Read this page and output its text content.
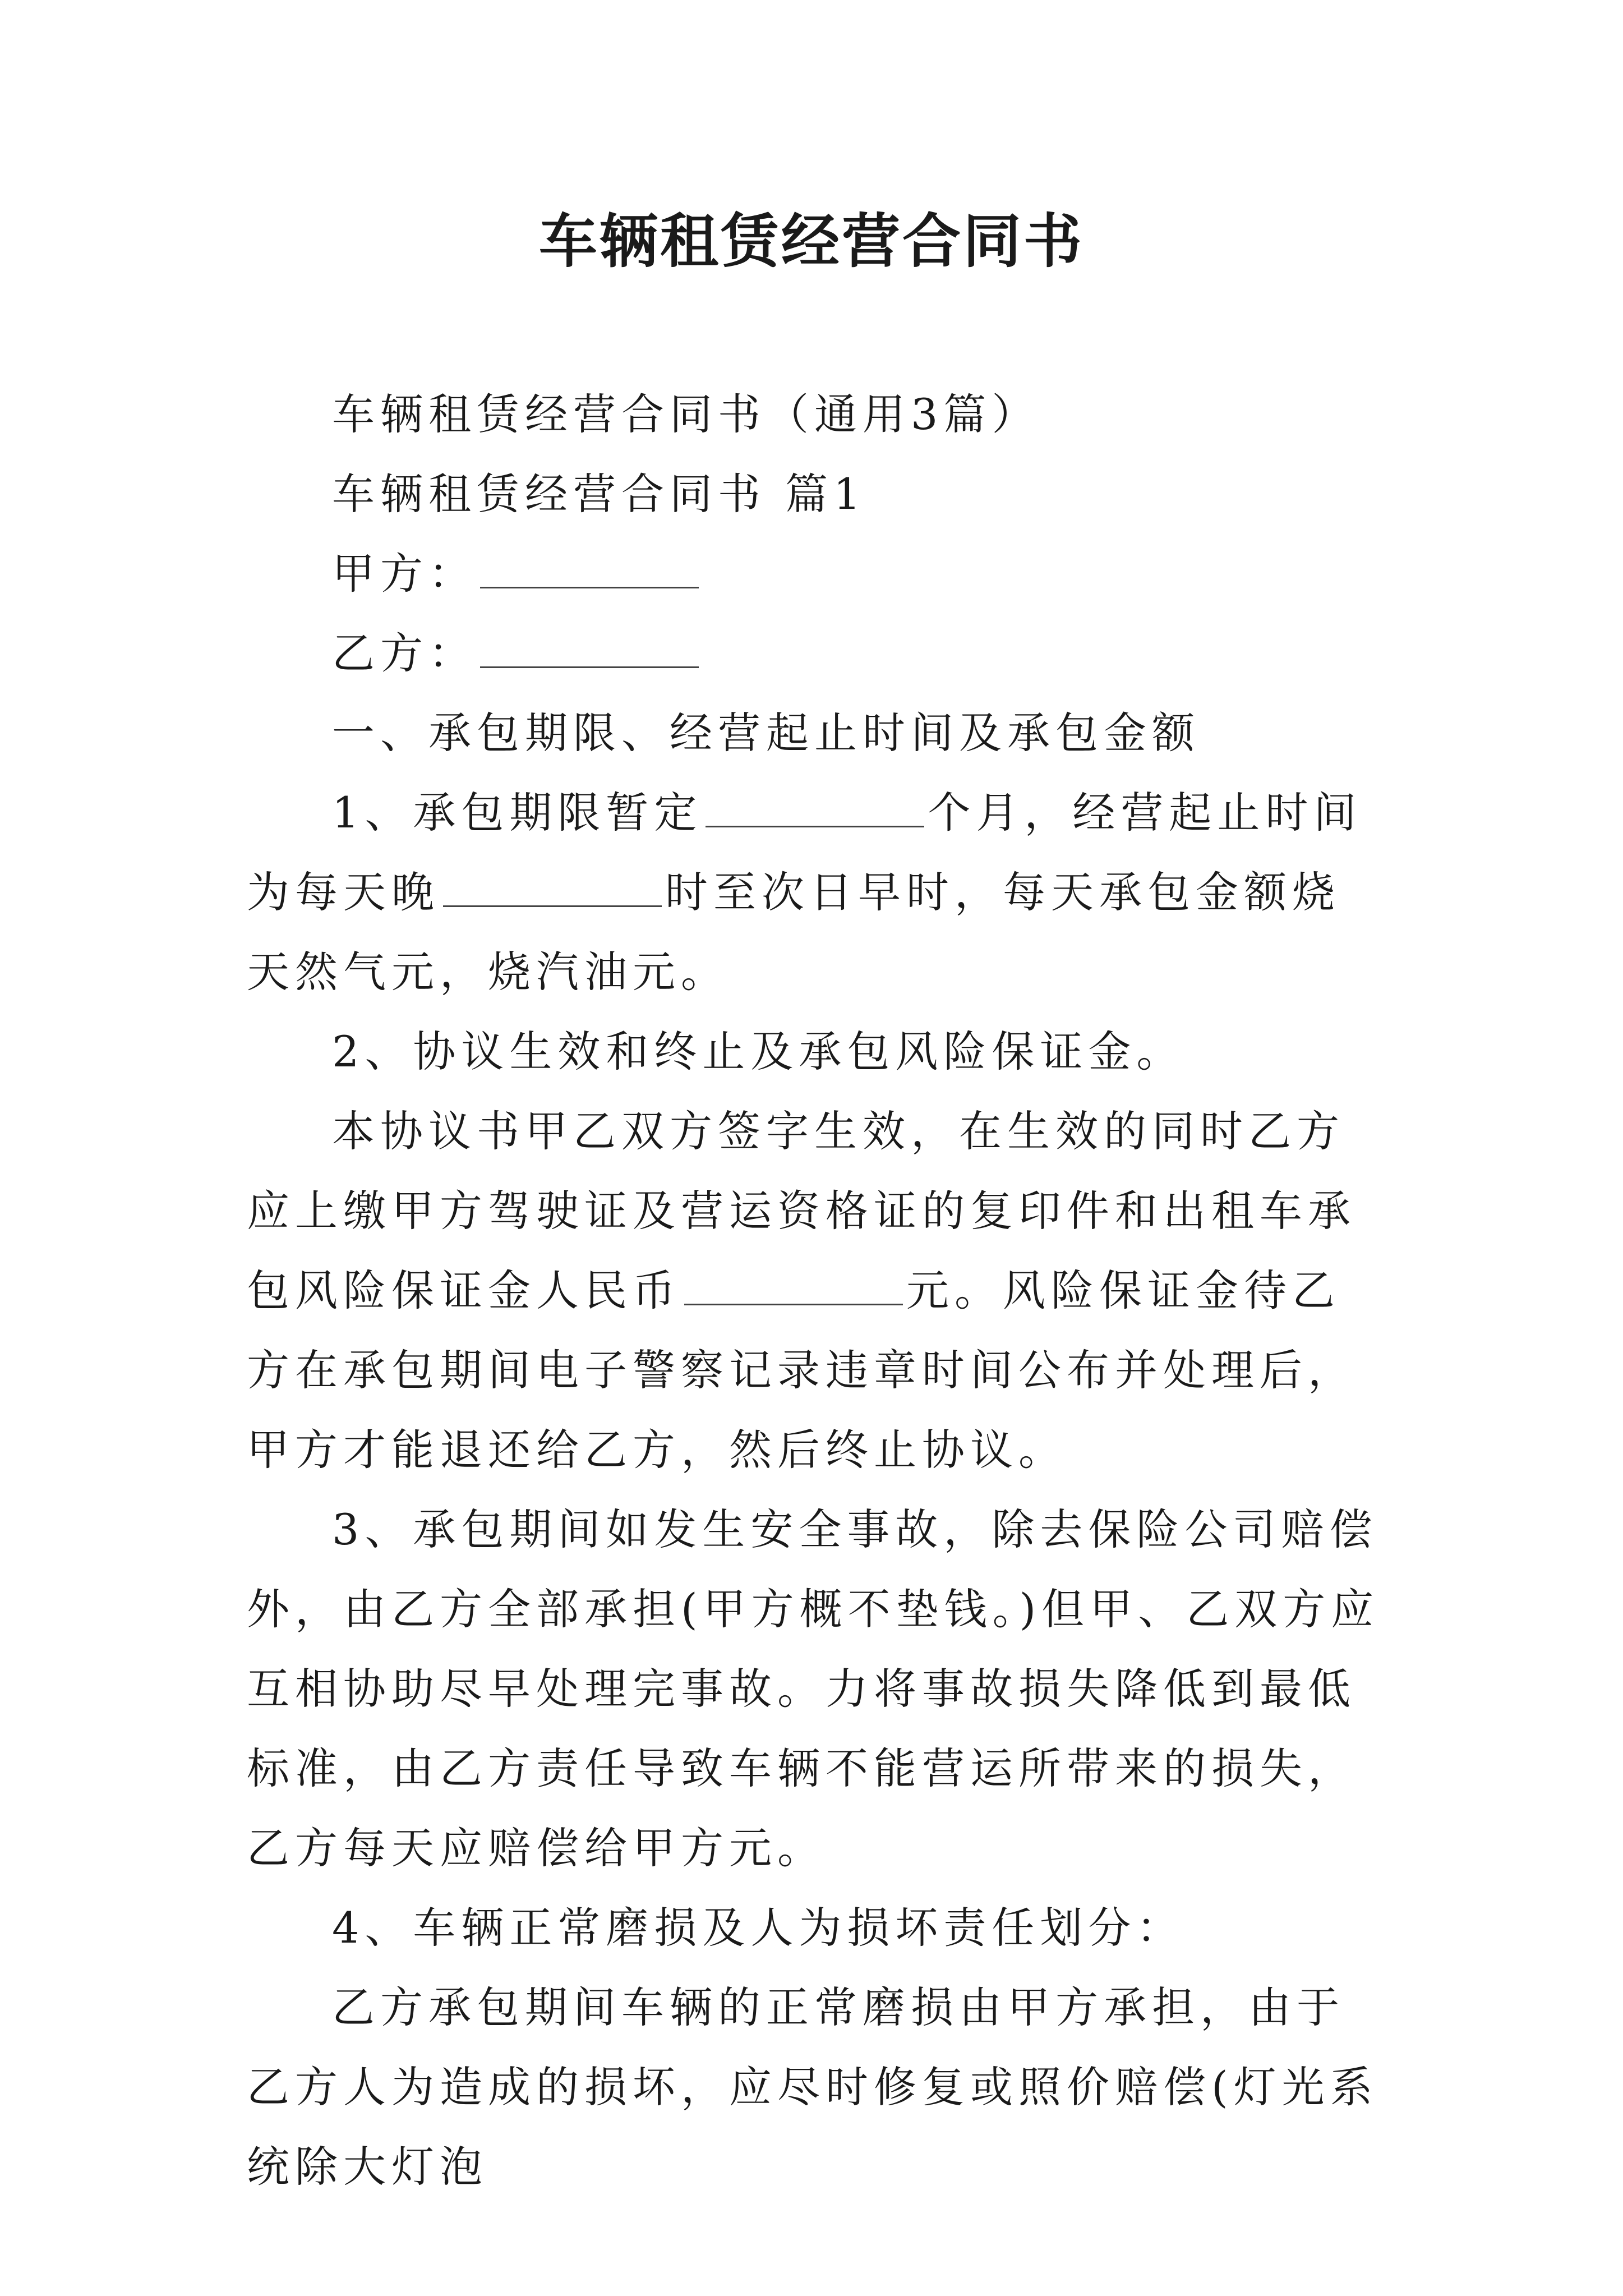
车辆租赁经营合同书

车辆租赁经营合同书（通用3篇）

车辆租赁经营合同书 篇1

甲方：

乙方：

一、承包期限、经营起止时间及承包金额

1、承包期限暂定	个月，经营起止时间为每天晚	时至次日早时，每天承包金额烧天然气元，烧汽油元。

2、协议生效和终止及承包风险保证金。

本协议书甲乙双方签字生效，在生效的同时乙方应上缴甲方驾驶证及营运资格证的复印件和出租车承包风险保证金人民币	元。风险保证金待乙方在承包期间电子警察记录违章时间公布并处理后，甲方才能退还给乙方，然后终止协议。

3、承包期间如发生安全事故，除去保险公司赔偿外，由乙方全部承担(甲方概不垫钱。)但甲、乙双方应互相协助尽早处理完事故。力将事故损失降低到最低标准，由乙方责任导致车辆不能营运所带来的损失，乙方每天应赔偿给甲方元。

4、车辆正常磨损及人为损坏责任划分：

乙方承包期间车辆的正常磨损由甲方承担，由于乙方人为造成的损坏，应尽时修复或照价赔偿(灯光系统除大灯泡
